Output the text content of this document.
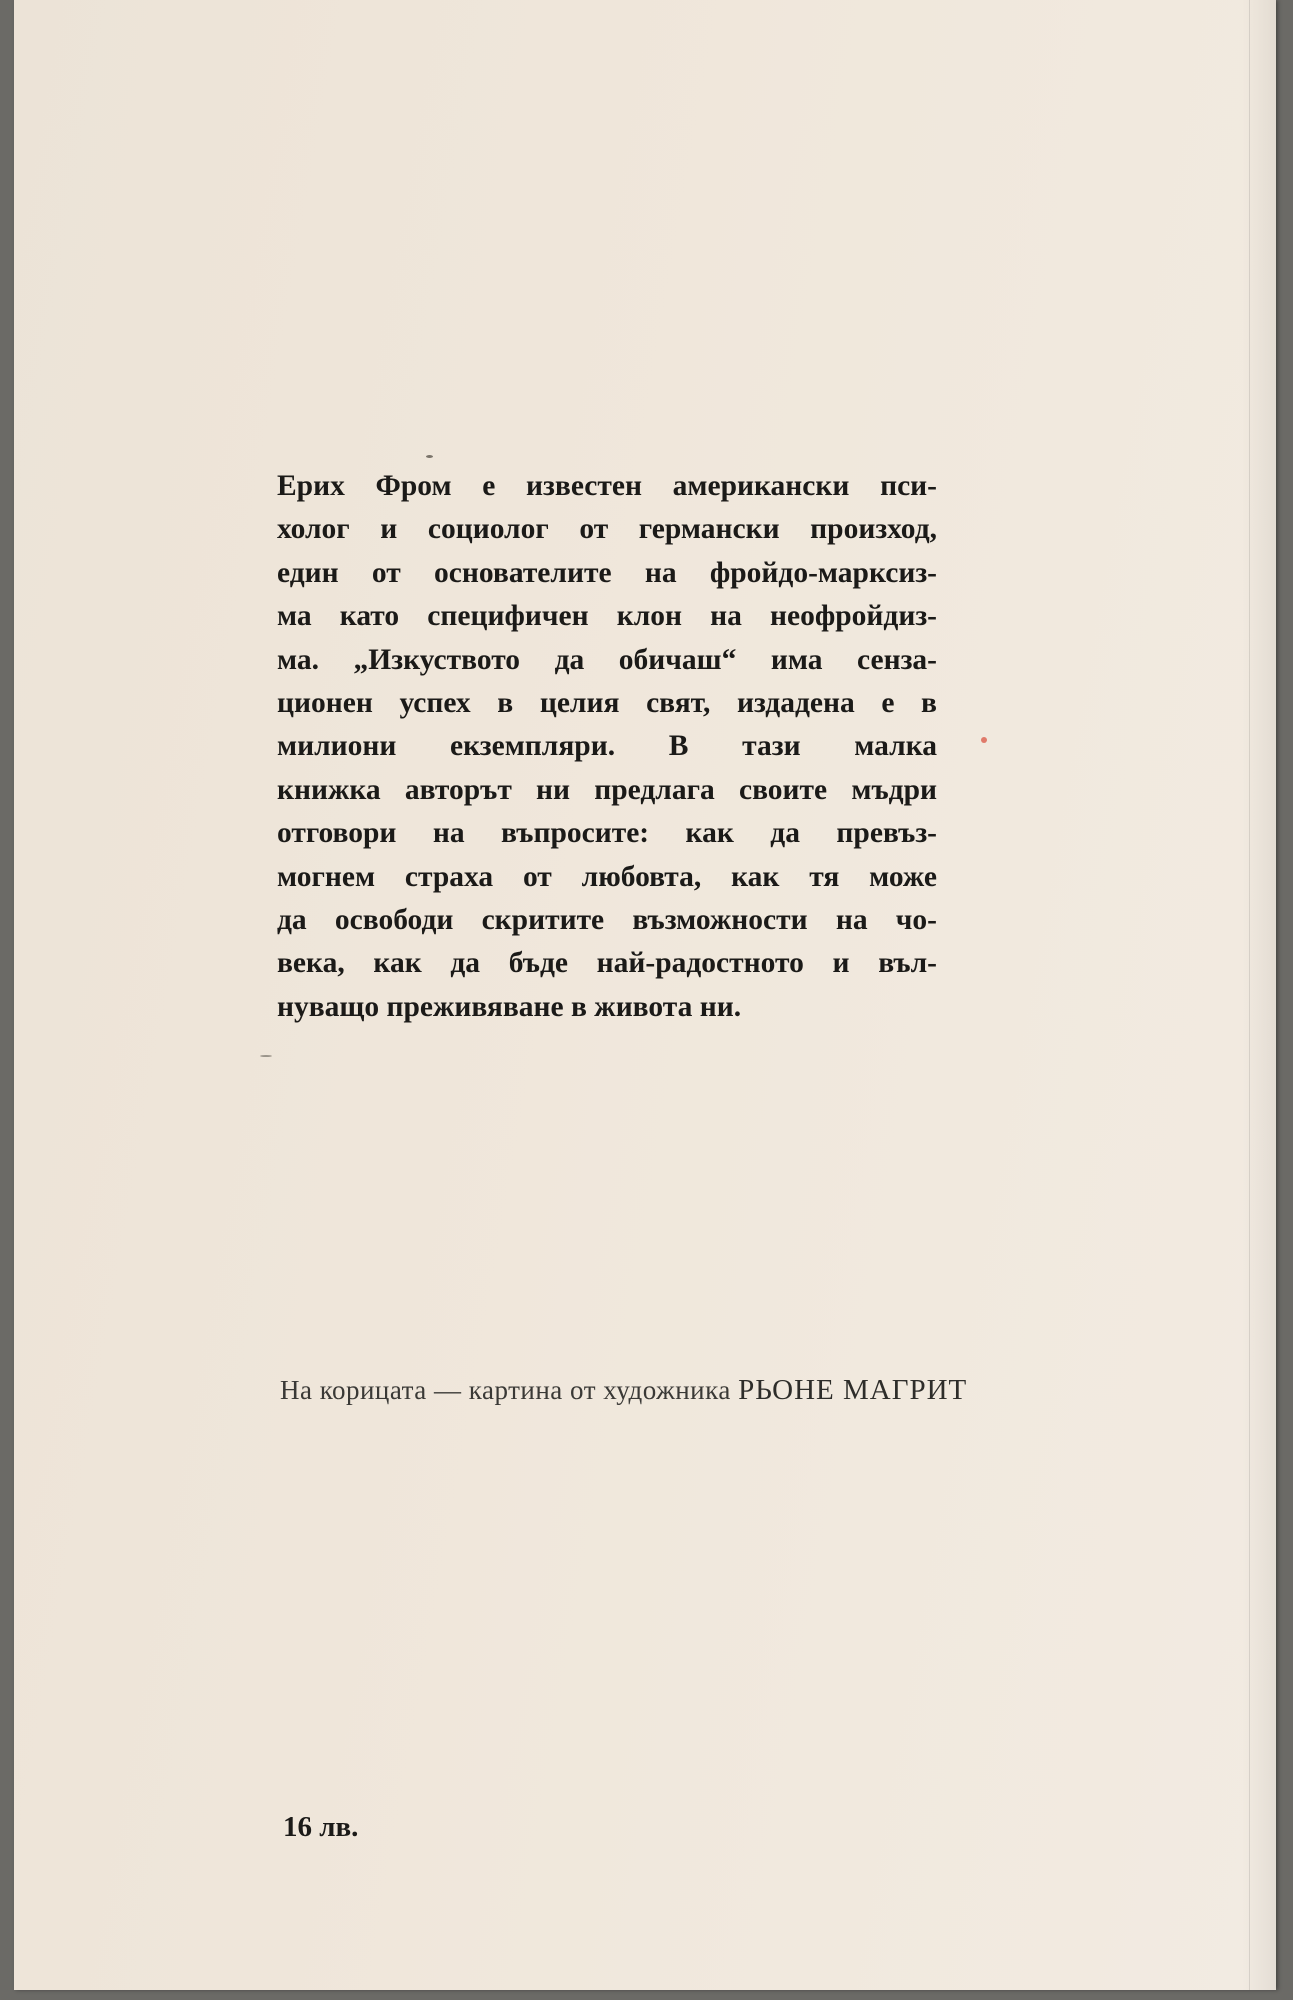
Ерих Фром е известен американски пси-
холог и социолог от германски произход,
един от основателите на фройдо-марксиз-
ма като специфичен клон на неофройдиз-
ма. „Изкуството да обичаш“ има сенза-
ционен успех в целия свят, издадена е в
милиони екземпляри. В тази малка
книжка авторът ни предлага своите мъдри
отговори на въпросите: как да превъз-
могнем страха от любовта, как тя може
да освободи скритите възможности на чо-
века, как да бъде най-радостното и въл-
нуващо преживяване в живота ни.

На корицата — картина от художника РЬОНЕ МАГРИТ

16 лв.
